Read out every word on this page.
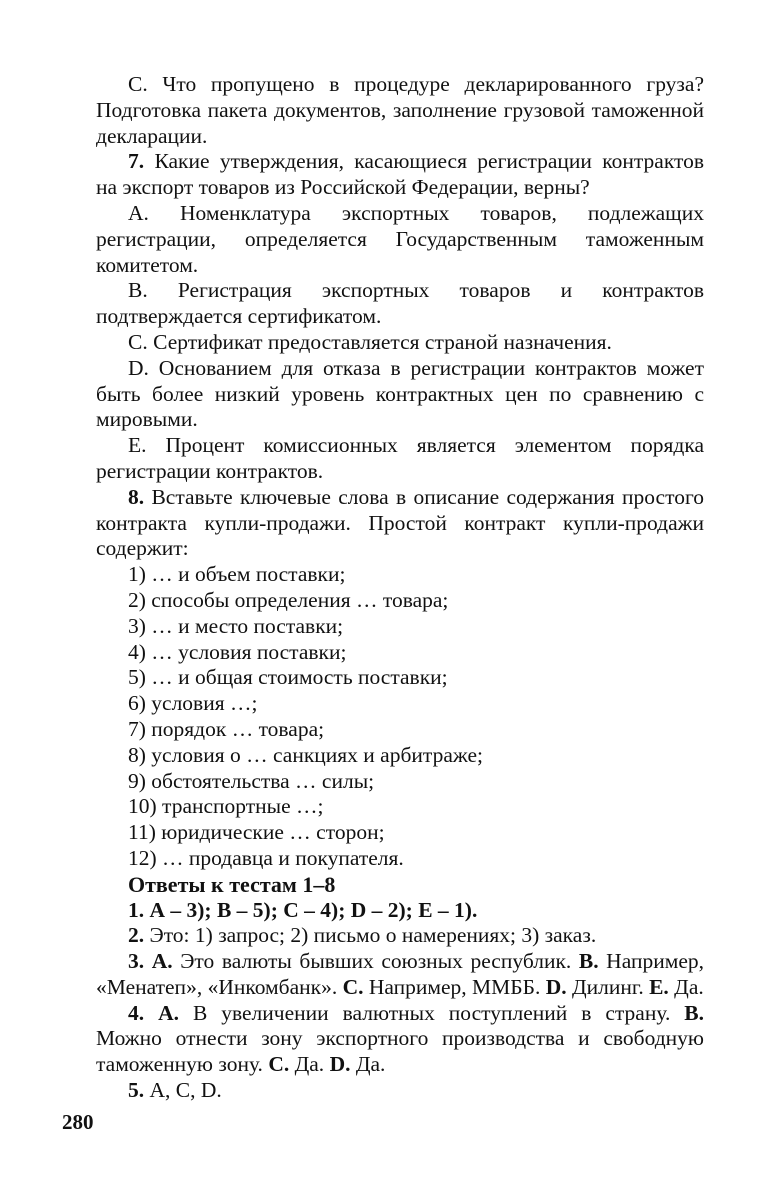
С. Что пропущено в процедуре декларированного груза? Подготовка пакета документов, заполнение грузовой таможенной декларации.
7. Какие утверждения, касающиеся регистрации контрактов на экспорт товаров из Российской Федерации, верны?
А. Номенклатура экспортных товаров, подлежащих регистрации, определяется Государственным таможенным комитетом.
В. Регистрация экспортных товаров и контрактов подтверждается сертификатом.
С. Сертификат предоставляется страной назначения.
D. Основанием для отказа в регистрации контрактов может быть более низкий уровень контрактных цен по сравнению с мировыми.
Е. Процент комиссионных является элементом порядка регистрации контрактов.
8. Вставьте ключевые слова в описание содержания простого контракта купли-продажи. Простой контракт купли-продажи содержит:
1) … и объем поставки;
2) способы определения … товара;
3) … и место поставки;
4) … условия поставки;
5) … и общая стоимость поставки;
6) условия …;
7) порядок … товара;
8) условия о … санкциях и арбитраже;
9) обстоятельства … силы;
10) транспортные …;
11) юридические … сторон;
12) … продавца и покупателя.
Ответы к тестам 1–8
1. А – 3); В – 5); С – 4); D – 2); Е – 1).
2. Это: 1) запрос; 2) письмо о намерениях; 3) заказ.
3. А. Это валюты бывших союзных республик. В. Например, «Менатеп», «Инкомбанк». С. Например, ММББ. D. Дилинг. Е. Да.
4. А. В увеличении валютных поступлений в страну. В. Можно отнести зону экспортного производства и свободную таможенную зону. С. Да. D. Да.
5. А, С, D.
280
